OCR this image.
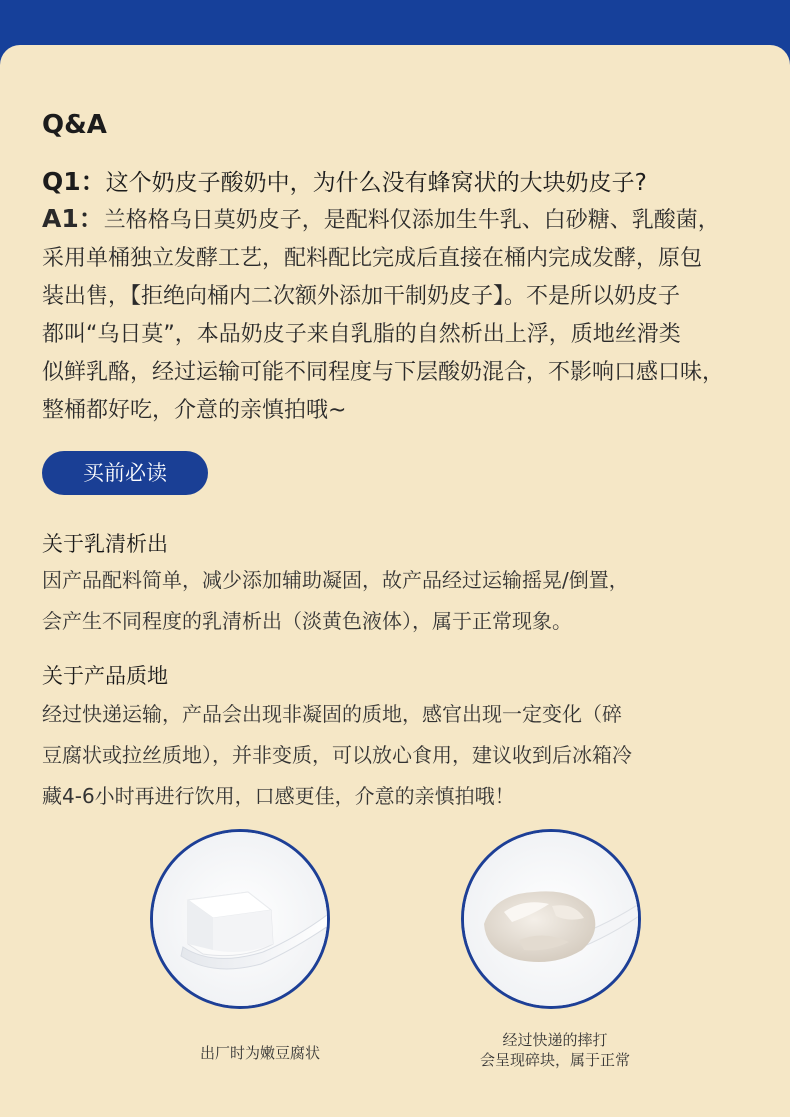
Q&A
Q1：这个奶皮子酸奶中，为什么没有蜂窝状的大块奶皮子?
A1：兰格格乌日莫奶皮子，是配料仅添加生牛乳、白砂糖、乳酸菌，
采用单桶独立发酵工艺，配料配比完成后直接在桶内完成发酵，原包
装出售，【拒绝向桶内二次额外添加干制奶皮子】。不是所以奶皮子
都叫“乌日莫”，本品奶皮子来自乳脂的自然析出上浮，质地丝滑类
似鲜乳酪，经过运输可能不同程度与下层酸奶混合，不影响口感口味，
整桶都好吃，介意的亲慎拍哦~
买前必读
关于乳清析出
因产品配料简单，减少添加辅助凝固，故产品经过运输摇晃/倒置，
会产生不同程度的乳清析出（淡黄色液体），属于正常现象。
关于产品质地
经过快递运输，产品会出现非凝固的质地，感官出现一定变化（碎
豆腐状或拉丝质地），并非变质，可以放心食用，建议收到后冰箱冷
藏4-6小时再进行饮用，口感更佳，介意的亲慎拍哦！
出厂时为嫩豆腐状
经过快递的摔打
会呈现碎块，属于正常
